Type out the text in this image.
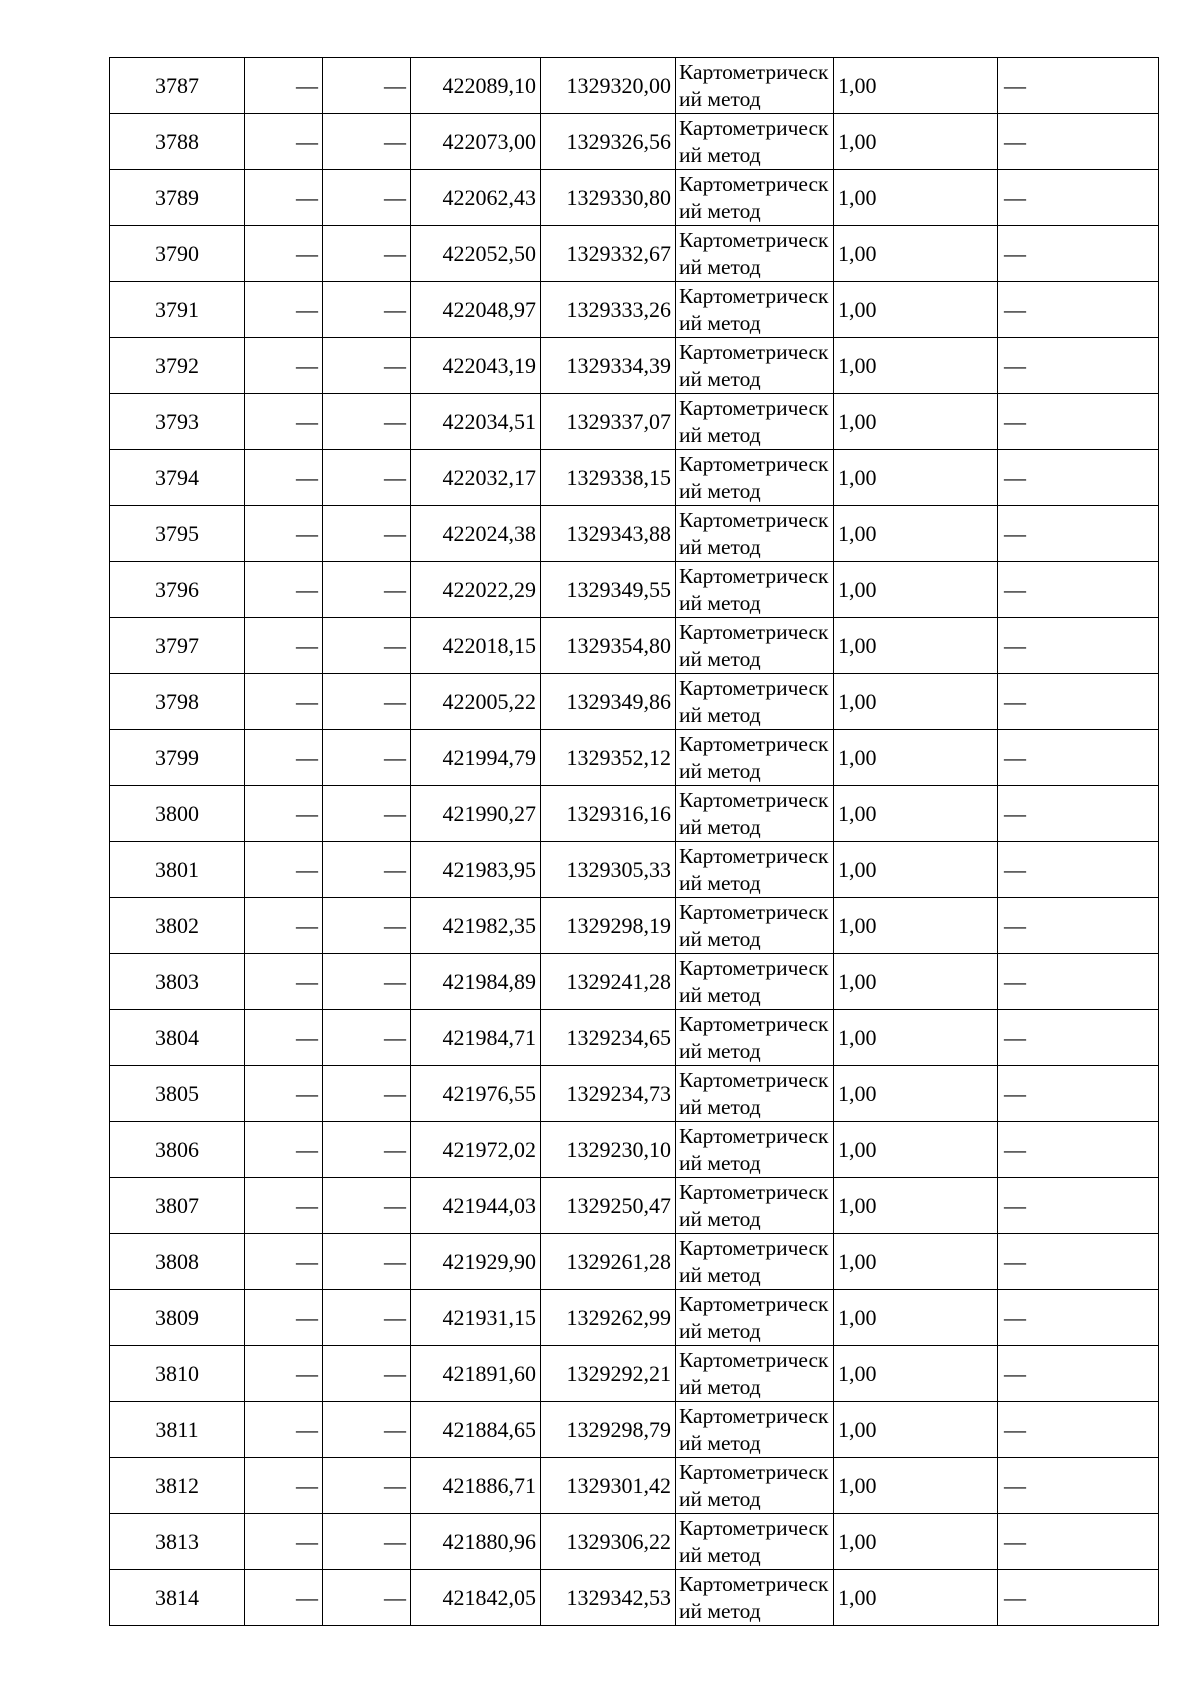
3787	—	—	422089,10	1329320,00	Картометрический метод	1,00	—
3788	—	—	422073,00	1329326,56	Картометрический метод	1,00	—
3789	—	—	422062,43	1329330,80	Картометрический метод	1,00	—
3790	—	—	422052,50	1329332,67	Картометрический метод	1,00	—
3791	—	—	422048,97	1329333,26	Картометрический метод	1,00	—
3792	—	—	422043,19	1329334,39	Картометрический метод	1,00	—
3793	—	—	422034,51	1329337,07	Картометрический метод	1,00	—
3794	—	—	422032,17	1329338,15	Картометрический метод	1,00	—
3795	—	—	422024,38	1329343,88	Картометрический метод	1,00	—
3796	—	—	422022,29	1329349,55	Картометрический метод	1,00	—
3797	—	—	422018,15	1329354,80	Картометрический метод	1,00	—
3798	—	—	422005,22	1329349,86	Картометрический метод	1,00	—
3799	—	—	421994,79	1329352,12	Картометрический метод	1,00	—
3800	—	—	421990,27	1329316,16	Картометрический метод	1,00	—
3801	—	—	421983,95	1329305,33	Картометрический метод	1,00	—
3802	—	—	421982,35	1329298,19	Картометрический метод	1,00	—
3803	—	—	421984,89	1329241,28	Картометрический метод	1,00	—
3804	—	—	421984,71	1329234,65	Картометрический метод	1,00	—
3805	—	—	421976,55	1329234,73	Картометрический метод	1,00	—
3806	—	—	421972,02	1329230,10	Картометрический метод	1,00	—
3807	—	—	421944,03	1329250,47	Картометрический метод	1,00	—
3808	—	—	421929,90	1329261,28	Картометрический метод	1,00	—
3809	—	—	421931,15	1329262,99	Картометрический метод	1,00	—
3810	—	—	421891,60	1329292,21	Картометрический метод	1,00	—
3811	—	—	421884,65	1329298,79	Картометрический метод	1,00	—
3812	—	—	421886,71	1329301,42	Картометрический метод	1,00	—
3813	—	—	421880,96	1329306,22	Картометрический метод	1,00	—
3814	—	—	421842,05	1329342,53	Картометрический метод	1,00	—
